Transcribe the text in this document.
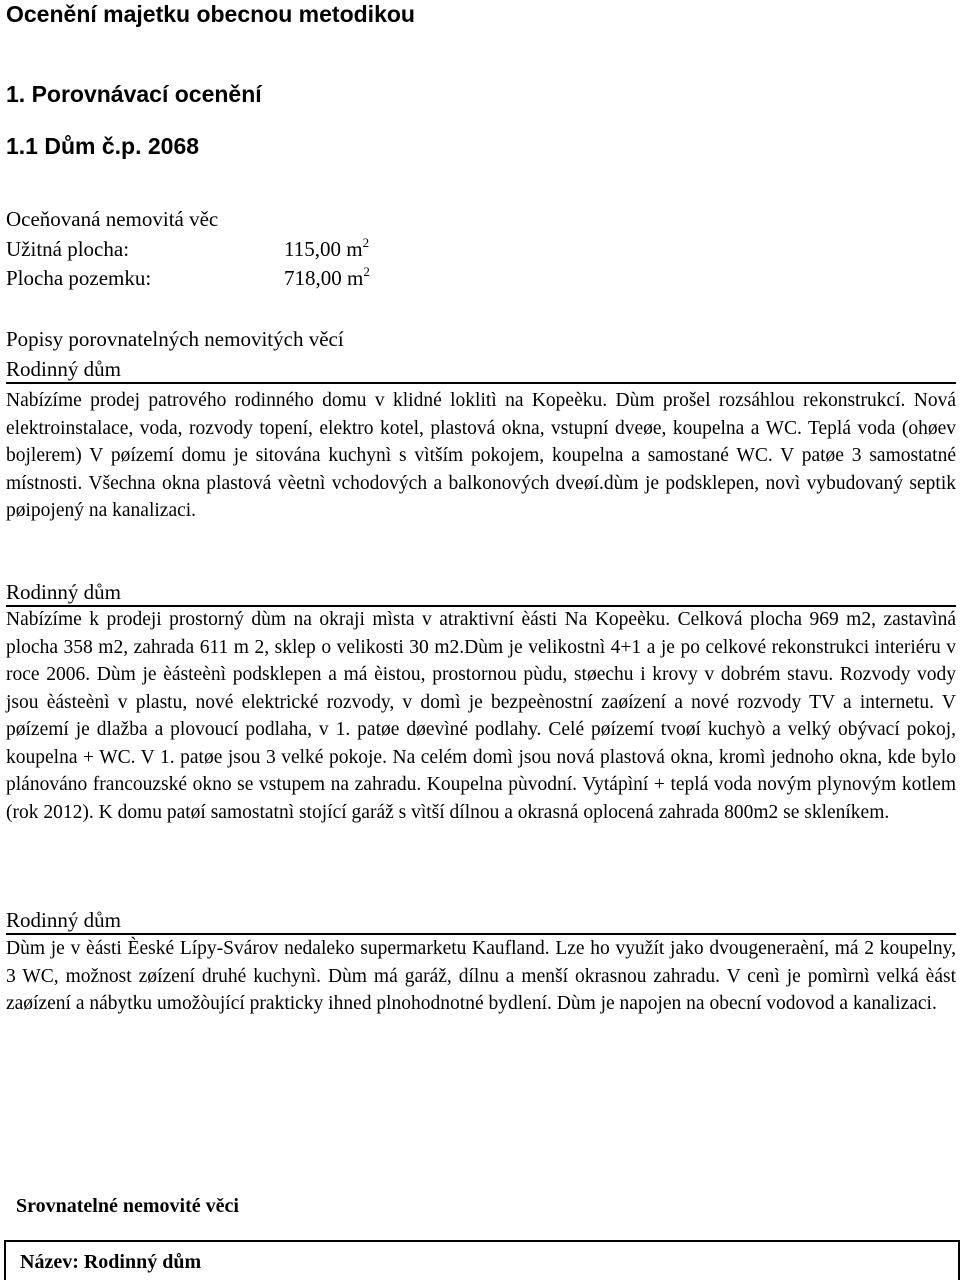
Ocenění majetku obecnou metodikou
1. Porovnávací ocenění
1.1 Dům č.p. 2068
Oceňovaná nemovitá věc
Užitná plocha:	115,00 $m^2$
Plocha pozemku:	718,00 $m^2$
Popisy porovnatelných nemovitých věcí
Rodinný dům
Nabízíme prodej patrového rodinného domu v klidné loklitì na Kopeèku. Dùm prošel rozsáhlou rekonstrukcí. Nová elektroinstalace, voda, rozvody topení, elektro kotel, plastová okna, vstupní dveøe, koupelna a WC. Teplá voda (ohøev bojlerem) V pøízemí domu je sitována kuchynì s vìtším pokojem, koupelna a samostané WC. V patøe 3 samostatné místnosti. Všechna okna plastová vèetnì vchodových a balkonových dveøí.dùm je podsklepen, novì vybudovaný septik pøipojený na kanalizaci.
Rodinný dům
Nabízíme k prodeji prostorný dùm na okraji mìsta v atraktivní èásti Na Kopeèku. Celková plocha 969 m2, zastavìná plocha 358 m2, zahrada 611 m 2, sklep o velikosti 30 m2.Dùm je velikostnì 4+1 a je po celkové rekonstrukci interiéru v roce 2006. Dùm je èásteènì podsklepen a má èistou, prostornou pùdu, støechu i krovy v dobrém stavu. Rozvody vody jsou èásteènì v plastu, nové elektrické rozvody, v domì je bezpeènostní zaøízení a nové rozvody TV a internetu. V pøízemí je dlažba a plovoucí podlaha, v 1. patøe døevìné podlahy. Celé pøízemí tvoøí kuchyò a velký obývací pokoj, koupelna + WC. V 1. patøe jsou 3 velké pokoje. Na celém domì jsou nová plastová okna, kromì jednoho okna, kde bylo plánováno francouzské okno se vstupem na zahradu. Koupelna pùvodní. Vytápìní + teplá voda novým plynovým kotlem (rok 2012). K domu patøí samostatnì stojící garáž s vìtší dílnou a okrasná oplocená zahrada 800m2 se skleníkem.
Rodinný dům
Dùm je v èásti Èeské Lípy-Svárov nedaleko supermarketu Kaufland. Lze ho využít jako dvougeneraèní, má 2 koupelny, 3 WC, možnost zøízení druhé kuchynì. Dùm má garáž, dílnu a menší okrasnou zahradu. V cenì je pomìrnì velká èást zaøízení a nábytku umožòující prakticky ihned plnohodnotné bydlení. Dùm je napojen na obecní vodovod a kanalizaci.
Srovnatelné nemovité věci
Název: Rodinný dům
